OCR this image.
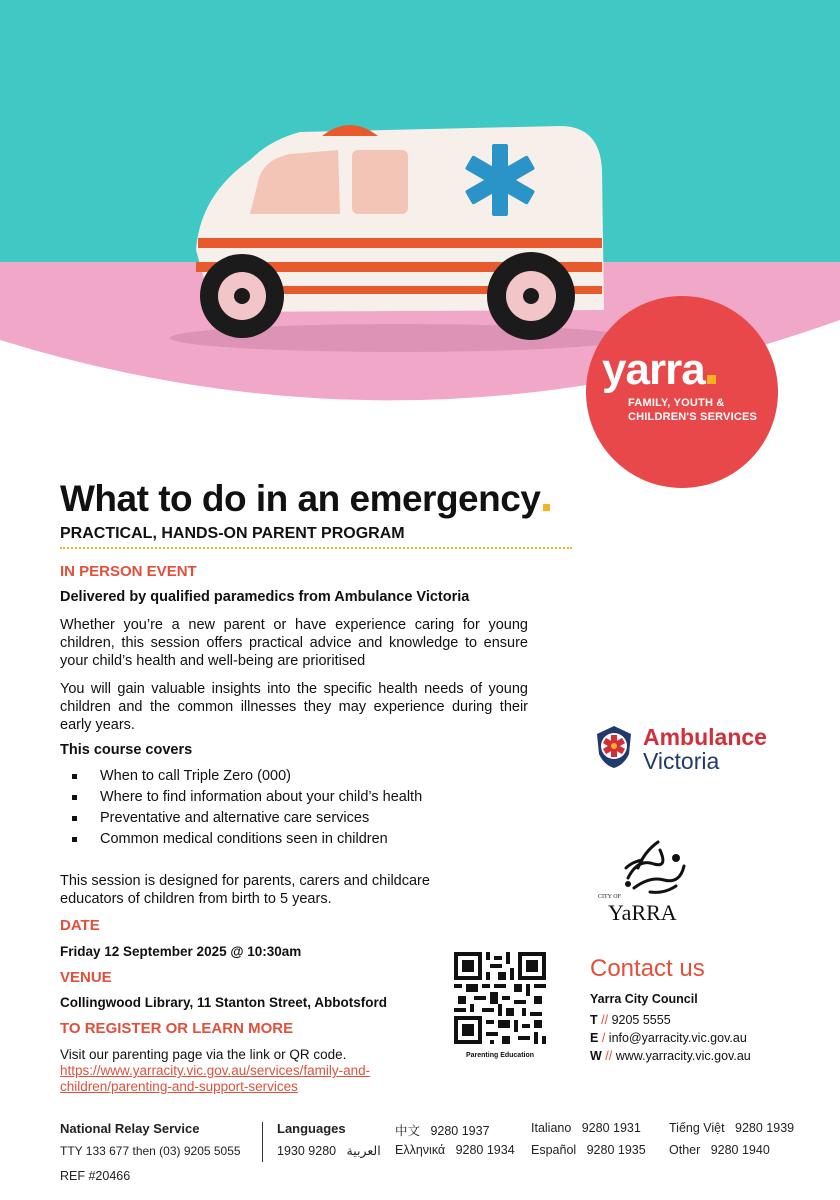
yarra
FAMILY, YOUTH &
CHILDREN'S SERVICES
What to do in an emergency
PRACTICAL, HANDS-ON PARENT PROGRAM
IN PERSON EVENT
Delivered by qualified paramedics from Ambulance Victoria
Whether you’re a new parent or have experience caring for young children, this session offers practical advice and knowledge to ensure your child’s health and well-being are prioritised
You will gain valuable insights into the specific health needs of young children and the common illnesses they may experience during their early years.
This course covers
When to call Triple Zero (000)
Where to find information about your child’s health
Preventative and alternative care services
Common medical conditions seen in children
This session is designed for parents, carers and childcare educators of children from birth to 5 years.
DATE
Friday 12 September 2025 @ 10:30am
VENUE
Collingwood Library, 11 Stanton Street, Abbotsford
TO REGISTER OR LEARN MORE
Visit our parenting page via the link or QR code.
https://www.yarracity.vic.gov.au/services/family-and-children/parenting-and-support-services
Parenting Education
Ambulance
Victoria
CITY OF
YaRRA
Contact us
Yarra City Council
T // 9205 5555
E / info@yarracity.vic.gov.au
W // www.yarracity.vic.gov.au
National Relay Service
TTY 133 677 then (03) 9205 5055
REF #20466
Languages	中文 9280 1937	Italiano 9280 1931 Tiếng Việt 9280 1939
العربية   9280 1930	Ελληνικά 9280 1934 Español 9280 1935 Other 9280 1940
